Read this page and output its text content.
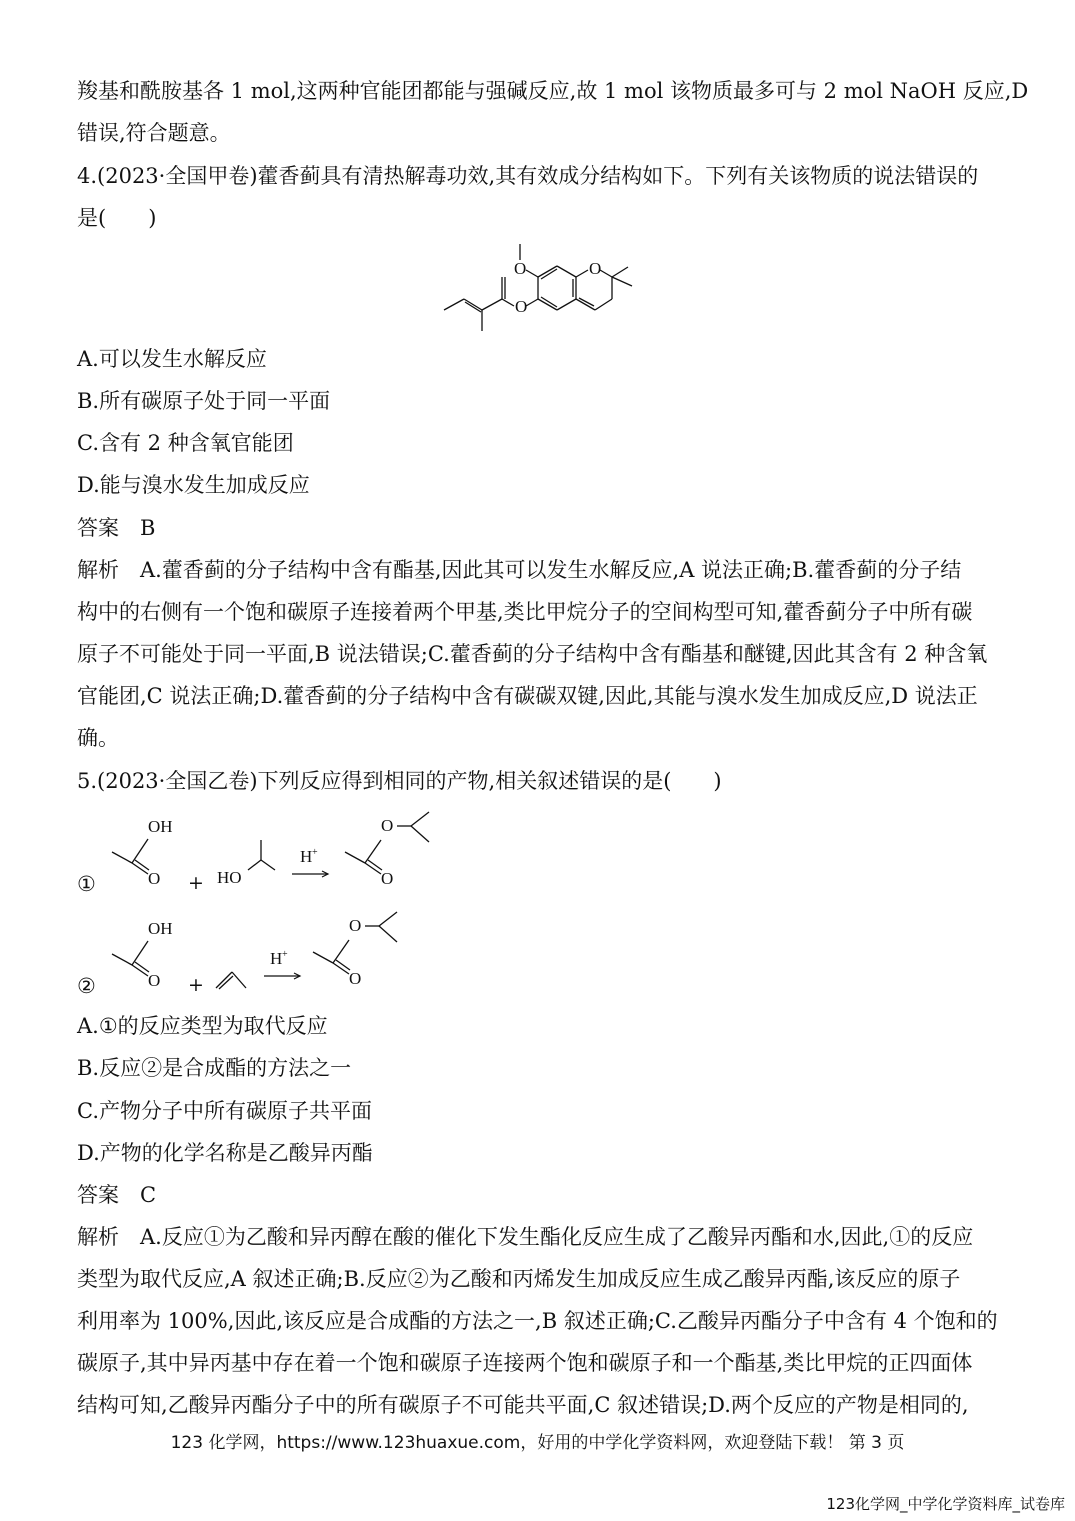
羧基和酰胺基各 1 mol,这两种官能团都能与强碱反应,故 1 mol 该物质最多可与 2 mol NaOH 反应,D
错误,符合题意。
4.(2023·全国甲卷)藿香蓟具有清热解毒功效,其有效成分结构如下。下列有关该物质的说法错误的
是(　　)
O
O	O
A.可以发生水解反应
B.所有碳原子处于同一平面
C.含有 2 种含氧官能团
D.能与溴水发生加成反应
答案　B
解析　A.藿香蓟的分子结构中含有酯基,因此其可以发生水解反应,A 说法正确;B.藿香蓟的分子结
构中的右侧有一个饱和碳原子连接着两个甲基,类比甲烷分子的空间构型可知,藿香蓟分子中所有碳
原子不可能处于同一平面,B 说法错误;C.藿香蓟的分子结构中含有酯基和醚键,因此其含有 2 种含氧
官能团,C 说法正确;D.藿香蓟的分子结构中含有碳碳双键,因此,其能与溴水发生加成反应,D 说法正
确。
5.(2023·全国乙卷)下列反应得到相同的产物,相关叙述错误的是(　　)
①
OH
O + HO
H +
O
O
②
OH
O +
H +
O
O
A.①的反应类型为取代反应
B.反应②是合成酯的方法之一
C.产物分子中所有碳原子共平面
D.产物的化学名称是乙酸异丙酯
答案　C
解析　A.反应①为乙酸和异丙醇在酸的催化下发生酯化反应生成了乙酸异丙酯和水,因此,①的反应
类型为取代反应,A 叙述正确;B.反应②为乙酸和丙烯发生加成反应生成乙酸异丙酯,该反应的原子
利用率为 100%,因此,该反应是合成酯的方法之一,B 叙述正确;C.乙酸异丙酯分子中含有 4 个饱和的
碳原子,其中异丙基中存在着一个饱和碳原子连接两个饱和碳原子和一个酯基,类比甲烷的正四面体
结构可知,乙酸异丙酯分子中的所有碳原子不可能共平面,C 叙述错误;D.两个反应的产物是相同的,
123 化学网，https://www.123huaxue.com，好用的中学化学资料网，欢迎登陆下载！ 第 3 页
123化学网_中学化学资料库_试卷库
